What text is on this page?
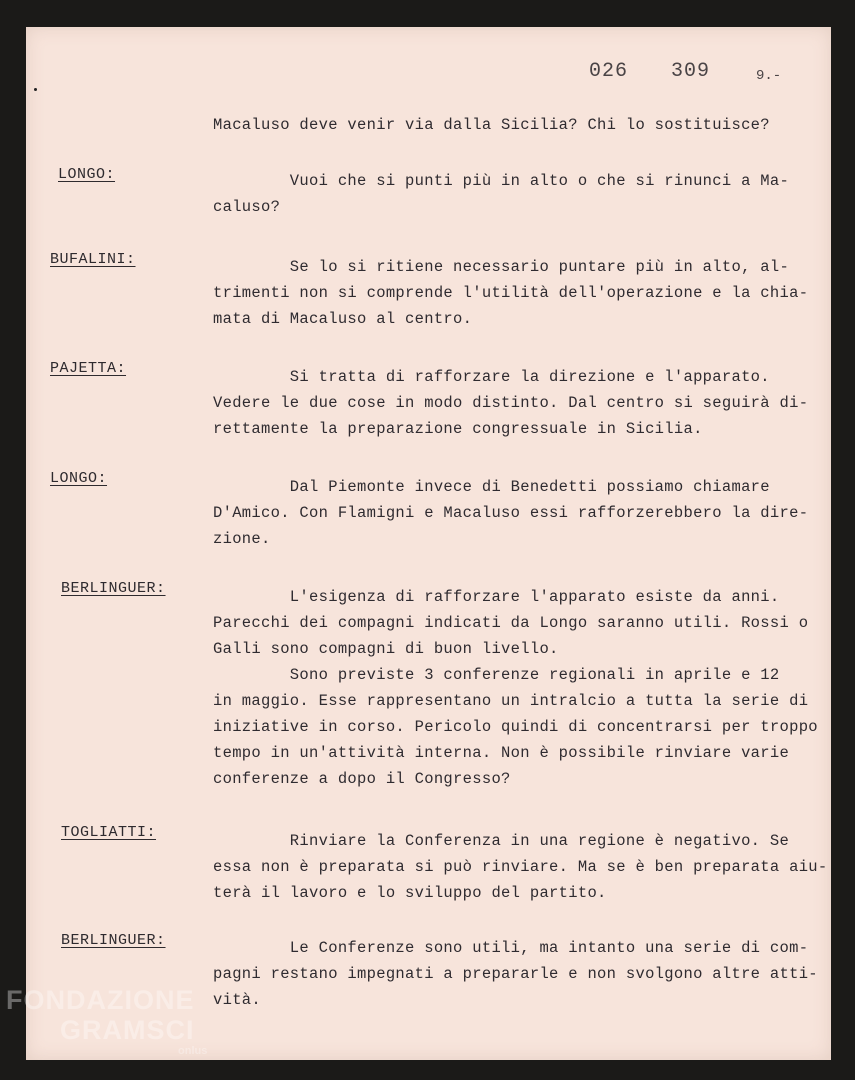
026 309	9.-
Macaluso deve venir via dalla Sicilia? Chi lo sostituisce?
LONGO:	Vuoi che si punti più in alto o che si rinunci a Ma-
caluso?
BUFALINI:	Se lo si ritiene necessario puntare più in alto, al-
trimenti non si comprende l'utilità dell'operazione e la chia-
mata di Macaluso al centro.
PAJETTA:	Si tratta di rafforzare la direzione e l'apparato.
Vedere le due cose in modo distinto. Dal centro si seguirà di-
rettamente la preparazione congressuale in Sicilia.
LONGO:	Dal Piemonte invece di Benedetti possiamo chiamare
D'Amico. Con Flamigni e Macaluso essi rafforzerebbero la dire-
zione.
BERLINGUER:	L'esigenza di rafforzare l'apparato esiste da anni.
Parecchi dei compagni indicati da Longo saranno utili. Rossi o
Galli sono compagni di buon livello.
Sono previste 3 conferenze regionali in aprile e 12
in maggio. Esse rappresentano un intralcio a tutta la serie di
iniziative in corso. Pericolo quindi di concentrarsi per troppo
tempo in un'attività interna. Non è possibile rinviare varie
conferenze a dopo il Congresso?
TOGLIATTI:	Rinviare la Conferenza in una regione è negativo. Se
essa non è preparata si può rinviare. Ma se è ben preparata aiu-
terà il lavoro e lo sviluppo del partito.
BERLINGUER:	Le Conferenze sono utili, ma intanto una serie di com-
pagni restano impegnati a prepararle e non svolgono altre atti-
vità.
FONDAZIONE
GRAMSCI
onlus
